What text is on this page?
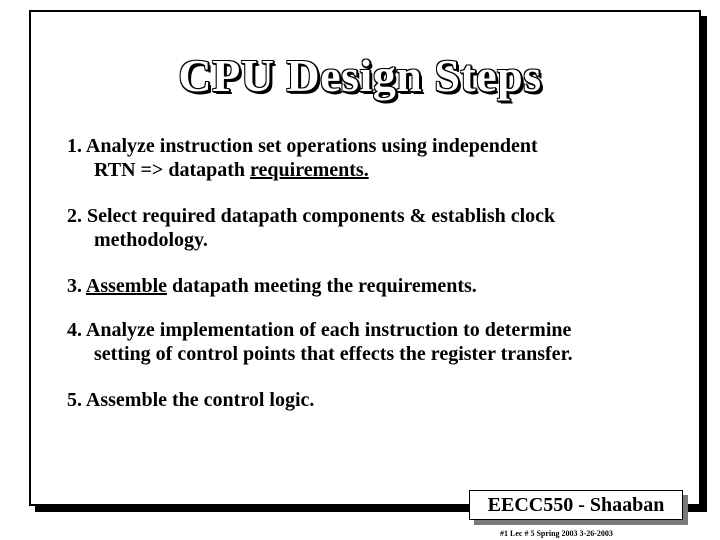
CPU Design Steps
1. Analyze instruction set operations using independent
RTN => datapath requirements.
2. Select required datapath components & establish clock
methodology.
3. Assemble datapath meeting the requirements.
4. Analyze implementation of each instruction to determine
setting of control points that effects the register transfer.
5. Assemble the control logic.
EECC550 - Shaaban
#1 Lec # 5 Spring 2003 3-26-2003
